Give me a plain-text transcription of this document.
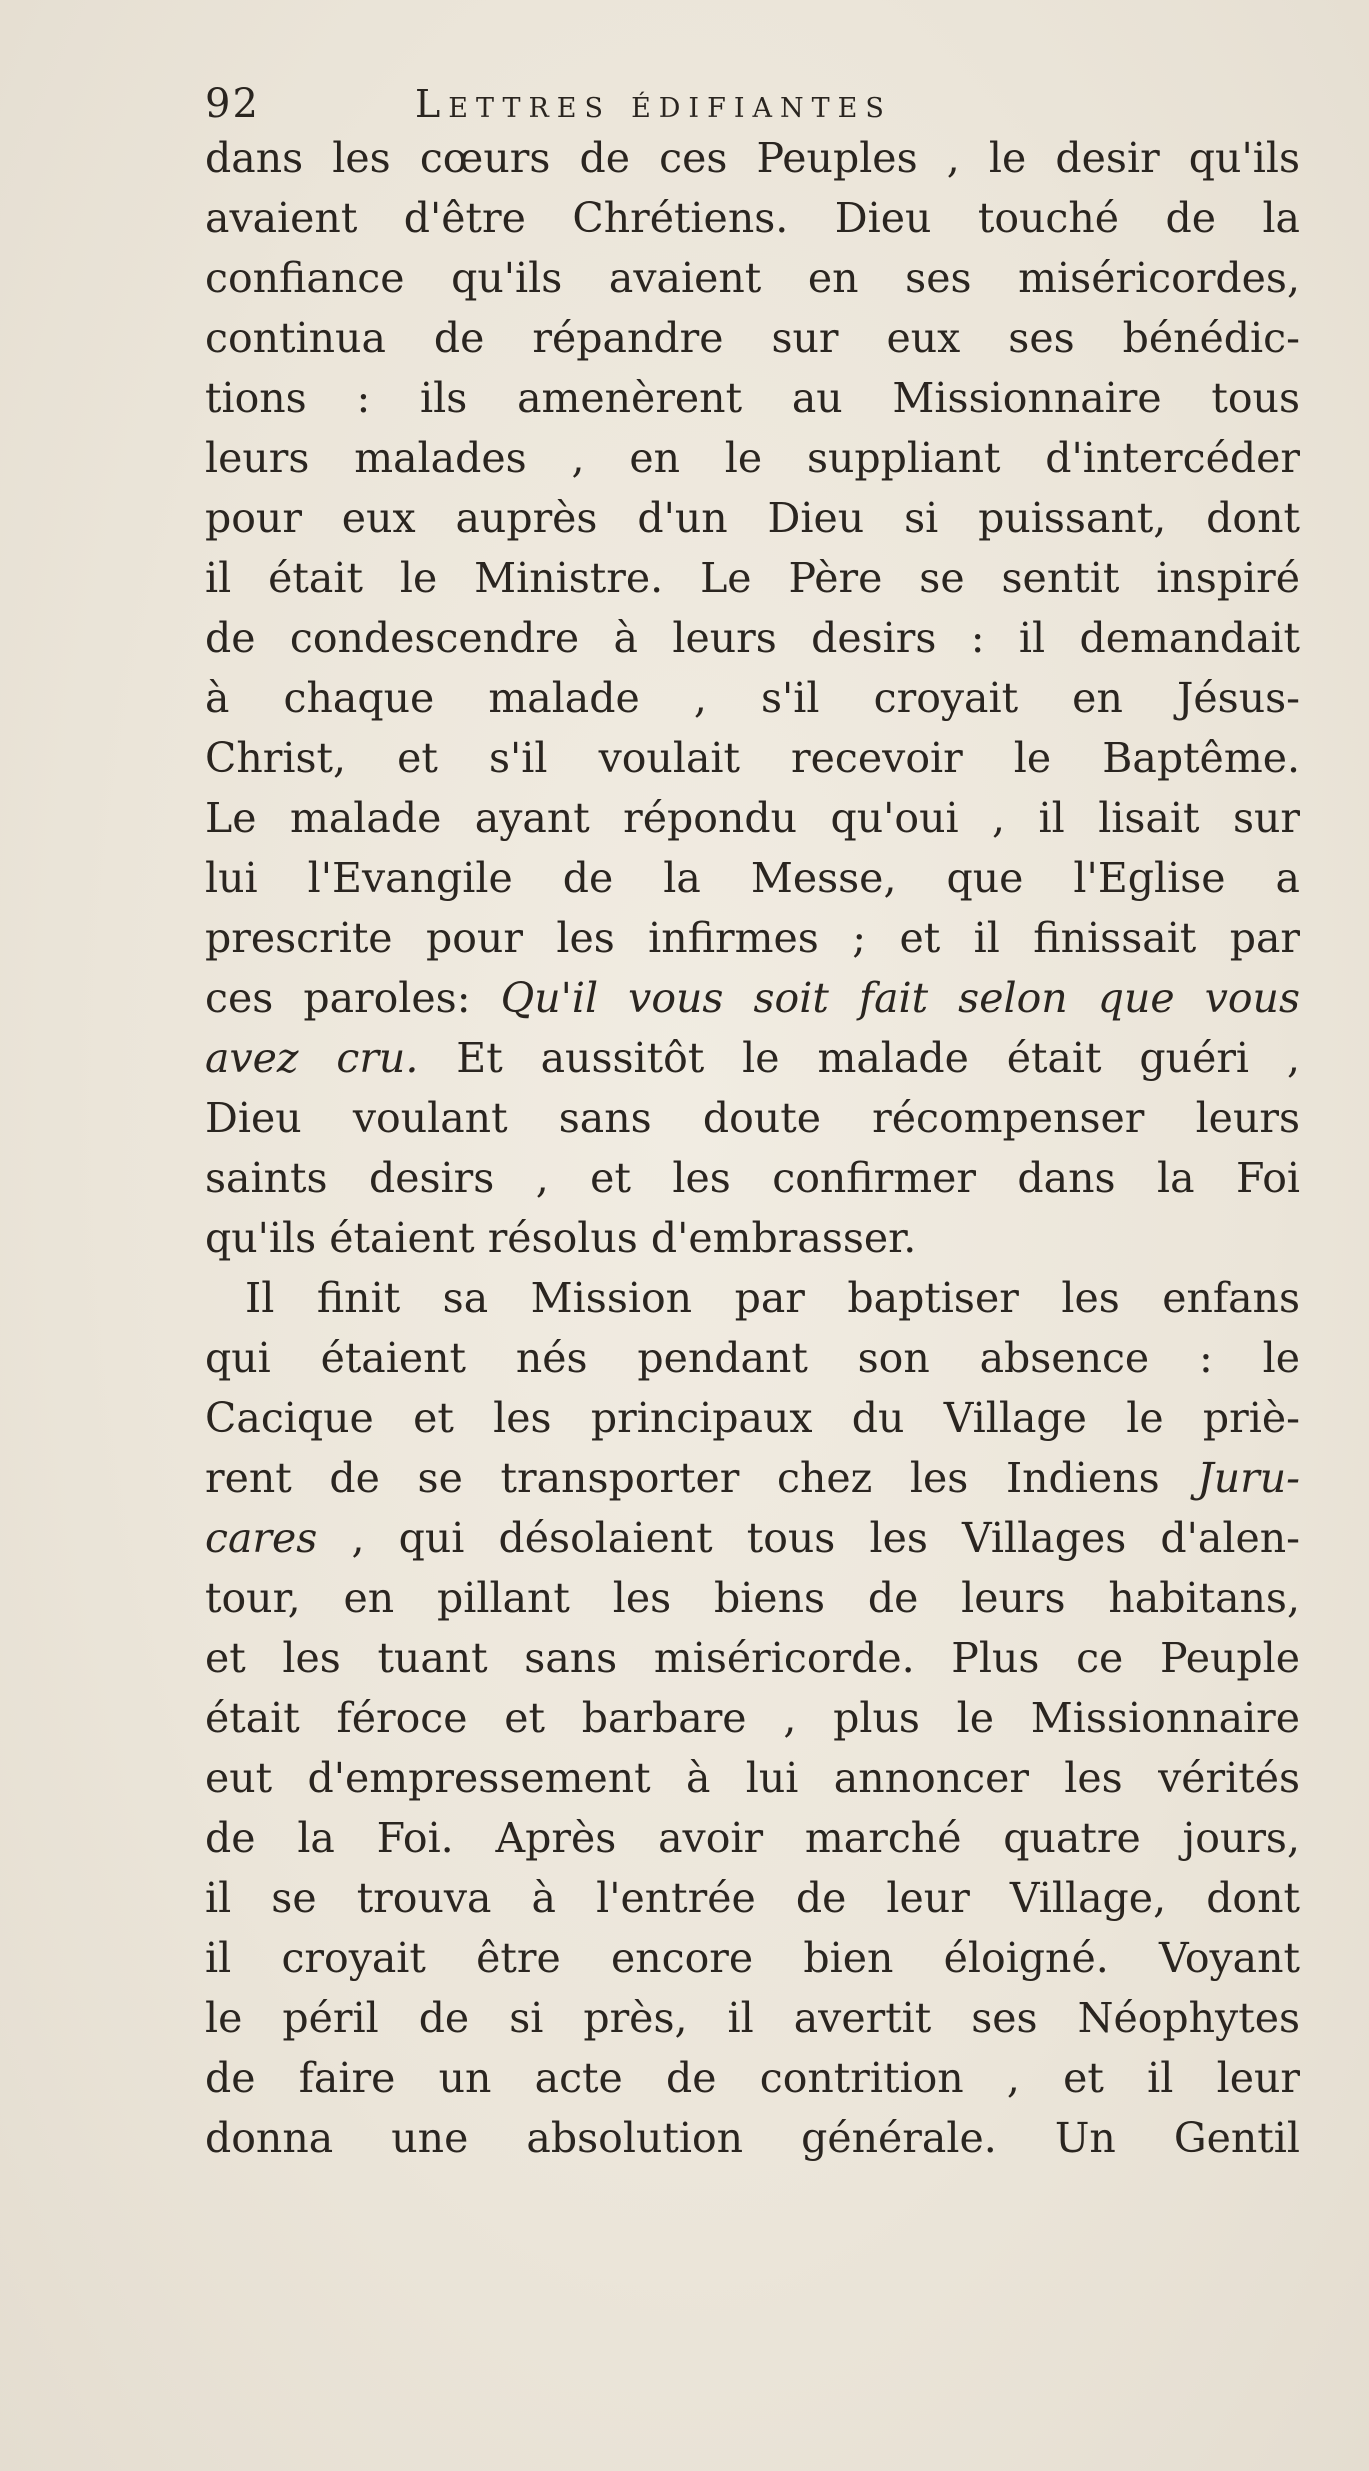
92	Lettres édifiantes
dans les cœurs de ces Peuples , le desir qu'ils
avaient d'être Chrétiens. Dieu touché de la
confiance qu'ils avaient en ses miséricordes,
continua de répandre sur eux ses bénédic-
tions : ils amenèrent au Missionnaire tous
leurs malades , en le suppliant d'intercéder
pour eux auprès d'un Dieu si puissant, dont
il était le Ministre. Le Père se sentit inspiré
de condescendre à leurs desirs : il demandait
à chaque malade , s'il croyait en Jésus-
Christ, et s'il voulait recevoir le Baptême.
Le malade ayant répondu qu'oui , il lisait sur
lui l'Evangile de la Messe, que l'Eglise a
prescrite pour les infirmes ; et il finissait par
ces paroles: Qu'il vous soit fait selon que vous
avez cru. Et aussitôt le malade était guéri ,
Dieu voulant sans doute récompenser leurs
saints desirs , et les confirmer dans la Foi
qu'ils étaient résolus d'embrasser.
Il finit sa Mission par baptiser les enfans
qui étaient nés pendant son absence : le
Cacique et les principaux du Village le priè-
rent de se transporter chez les Indiens Juru-
cares , qui désolaient tous les Villages d'alen-
tour, en pillant les biens de leurs habitans,
et les tuant sans miséricorde. Plus ce Peuple
était féroce et barbare , plus le Missionnaire
eut d'empressement à lui annoncer les vérités
de la Foi. Après avoir marché quatre jours,
il se trouva à l'entrée de leur Village, dont
il croyait être encore bien éloigné. Voyant
le péril de si près, il avertit ses Néophytes
de faire un acte de contrition , et il leur
donna une absolution générale. Un Gentil
